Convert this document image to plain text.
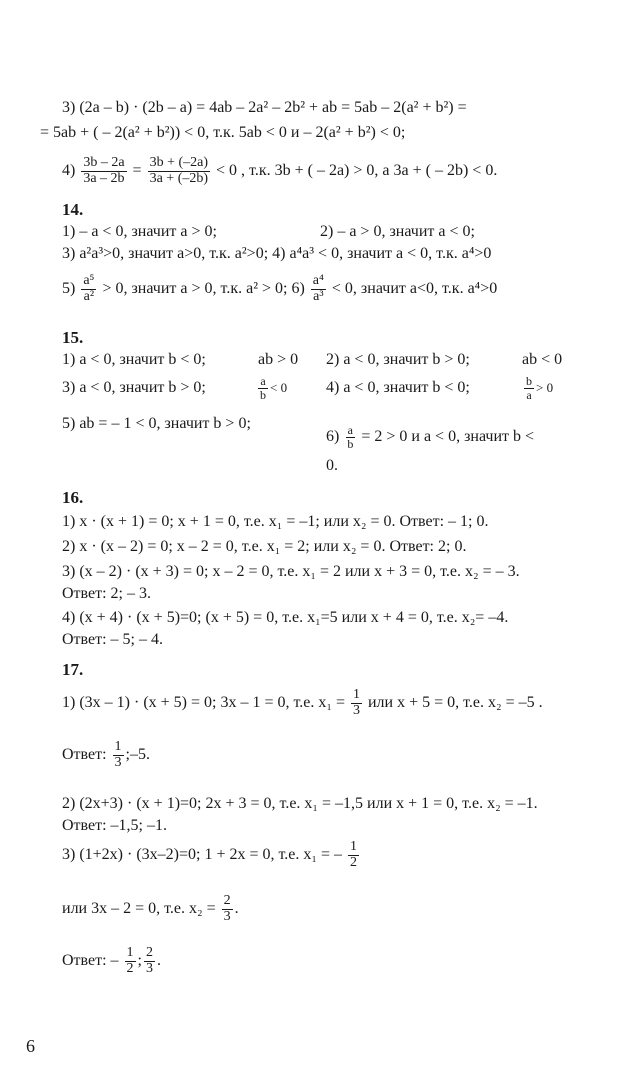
3) (2a – b) · (2b – a) = 4ab – 2a² – 2b² + ab = 5ab – 2(a² + b²) =
= 5ab + ( – 2(a² + b²)) < 0, т.к. 5ab < 0 и – 2(a² + b²) < 0;
$4) \frac{3b - 2a}{3a - 2b} = \frac{3b + (-2a)}{3a + (-2b)} < 0$ , т.к. 3b + ( – 2a) > 0, а 3a + ( – 2b) < 0.
14.
1) – a < 0, значит a > 0;	2) – a > 0, значит a < 0;
3) a²a³>0, значит a>0, т.к. a²>0; 4) a⁴a³ < 0, значит a < 0, т.к. a⁴>0
$5) \frac{\text{a⁵}}{\text{a²}} > 0$, значит a > 0, т.к. a² > 0; $6) \frac{\text{a⁴}}{\text{a³}} < 0$, значит a<0, т.к. a⁴>0
15.
1) a < 0, значит b < 0;	ab > 0 2) a < 0, значит b > 0;	ab < 0
3) a < 0, значит b > 0;	$\frac{a}{b} < 0$ 4) a < 0, значит b < 0;	$\frac{b}{a} > 0$
5) ab = – 1 < 0, значит b > 0;
$6) \frac{a}{b} = 2 > 0$ и a < 0, значит b <
0.
16.
1) x · (x + 1) = 0; x + 1 = 0, т.е. x₁ = –1; или x₂ = 0. Ответ: – 1; 0.
2) x · (x – 2) = 0; x – 2 = 0, т.е. x₁ = 2; или x₂ = 0. Ответ: 2; 0.
3) (x – 2) · (x + 3) = 0; x – 2 = 0, т.е. x₁ = 2 или x + 3 = 0, т.е. x₂ = – 3.
Ответ: 2; – 3.
4) (x + 4) · (x + 5)=0; (x + 5) = 0, т.е. x₁=5 или x + 4 = 0, т.е. x₂= –4.
Ответ: – 5; – 4.
17.
1) (3x – 1) · (x + 5) = 0; 3x – 1 = 0, т.е. $x_1 = \frac{1}{3}$ или x + 5 = 0, т.е. x₂ = –5 .
Ответ: $\frac{1}{3}$ ;–5.
2) (2x+3) · (x + 1)=0; 2x + 3 = 0, т.е. x₁ = –1,5 или x + 1 = 0, т.е. x₂ = –1.
Ответ: –1,5; –1.
3) (1+2x) · (3x–2)=0; 1 + 2x = 0, т.е. x₁ = – $\frac{1}{2}$
или 3x – 2 = 0, т.е. $x_2 = \frac{2}{3}$ .
Ответ: – $\frac{1}{2}$ ; $\frac{2}{3}$ .
6
